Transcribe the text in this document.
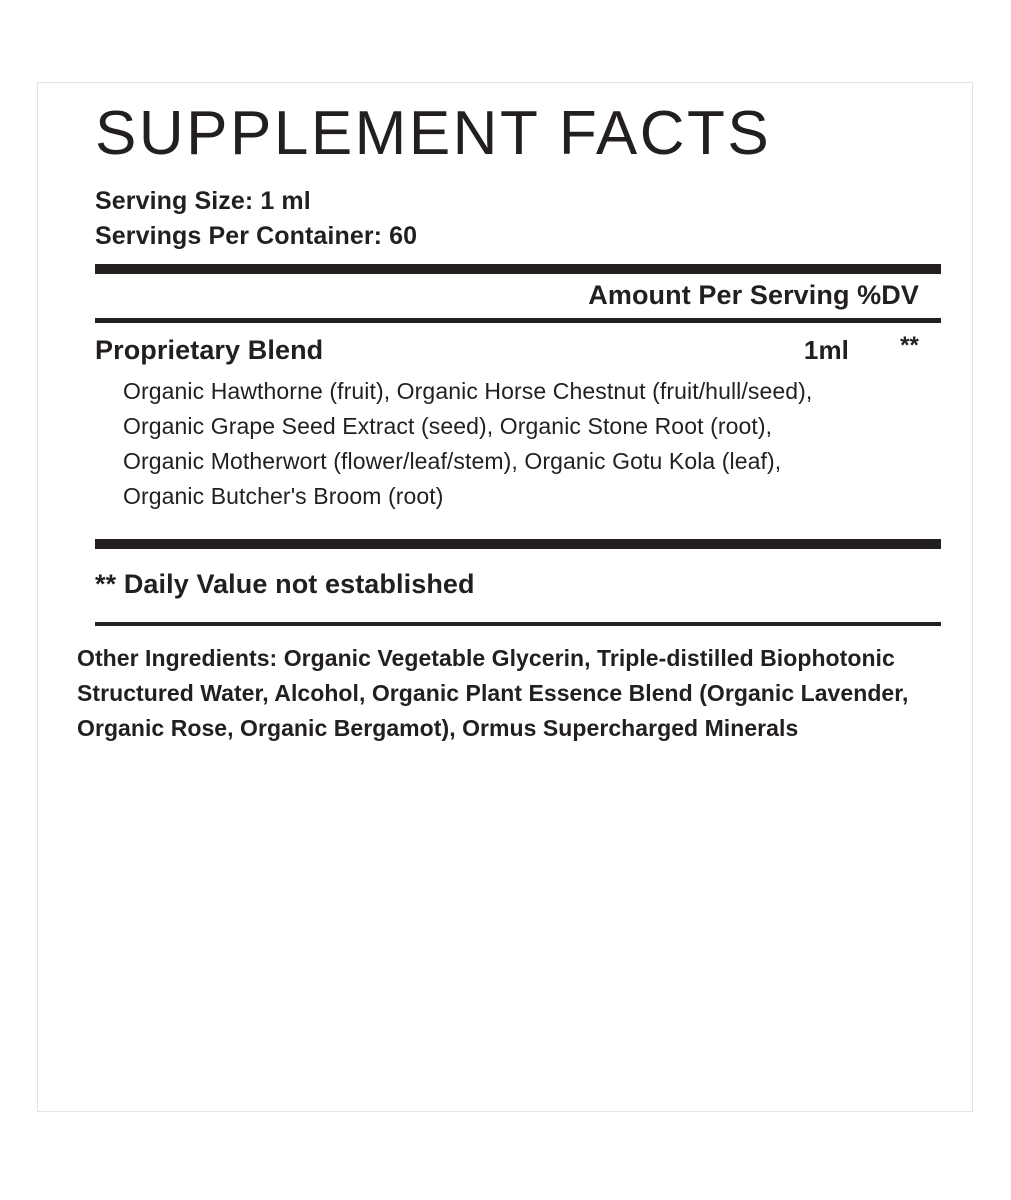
SUPPLEMENT FACTS
Serving Size: 1 ml
Servings Per Container: 60
Amount Per Serving %DV
Proprietary Blend	1ml	**
Organic Hawthorne (fruit), Organic Horse Chestnut (fruit/hull/seed), Organic Grape Seed Extract (seed), Organic Stone Root (root), Organic Motherwort (flower/leaf/stem), Organic Gotu Kola (leaf), Organic Butcher's Broom (root)
** Daily Value not established
Other Ingredients: Organic Vegetable Glycerin, Triple-distilled Biophotonic Structured Water, Alcohol, Organic Plant Essence Blend (Organic Lavender, Organic Rose, Organic Bergamot), Ormus Supercharged Minerals
